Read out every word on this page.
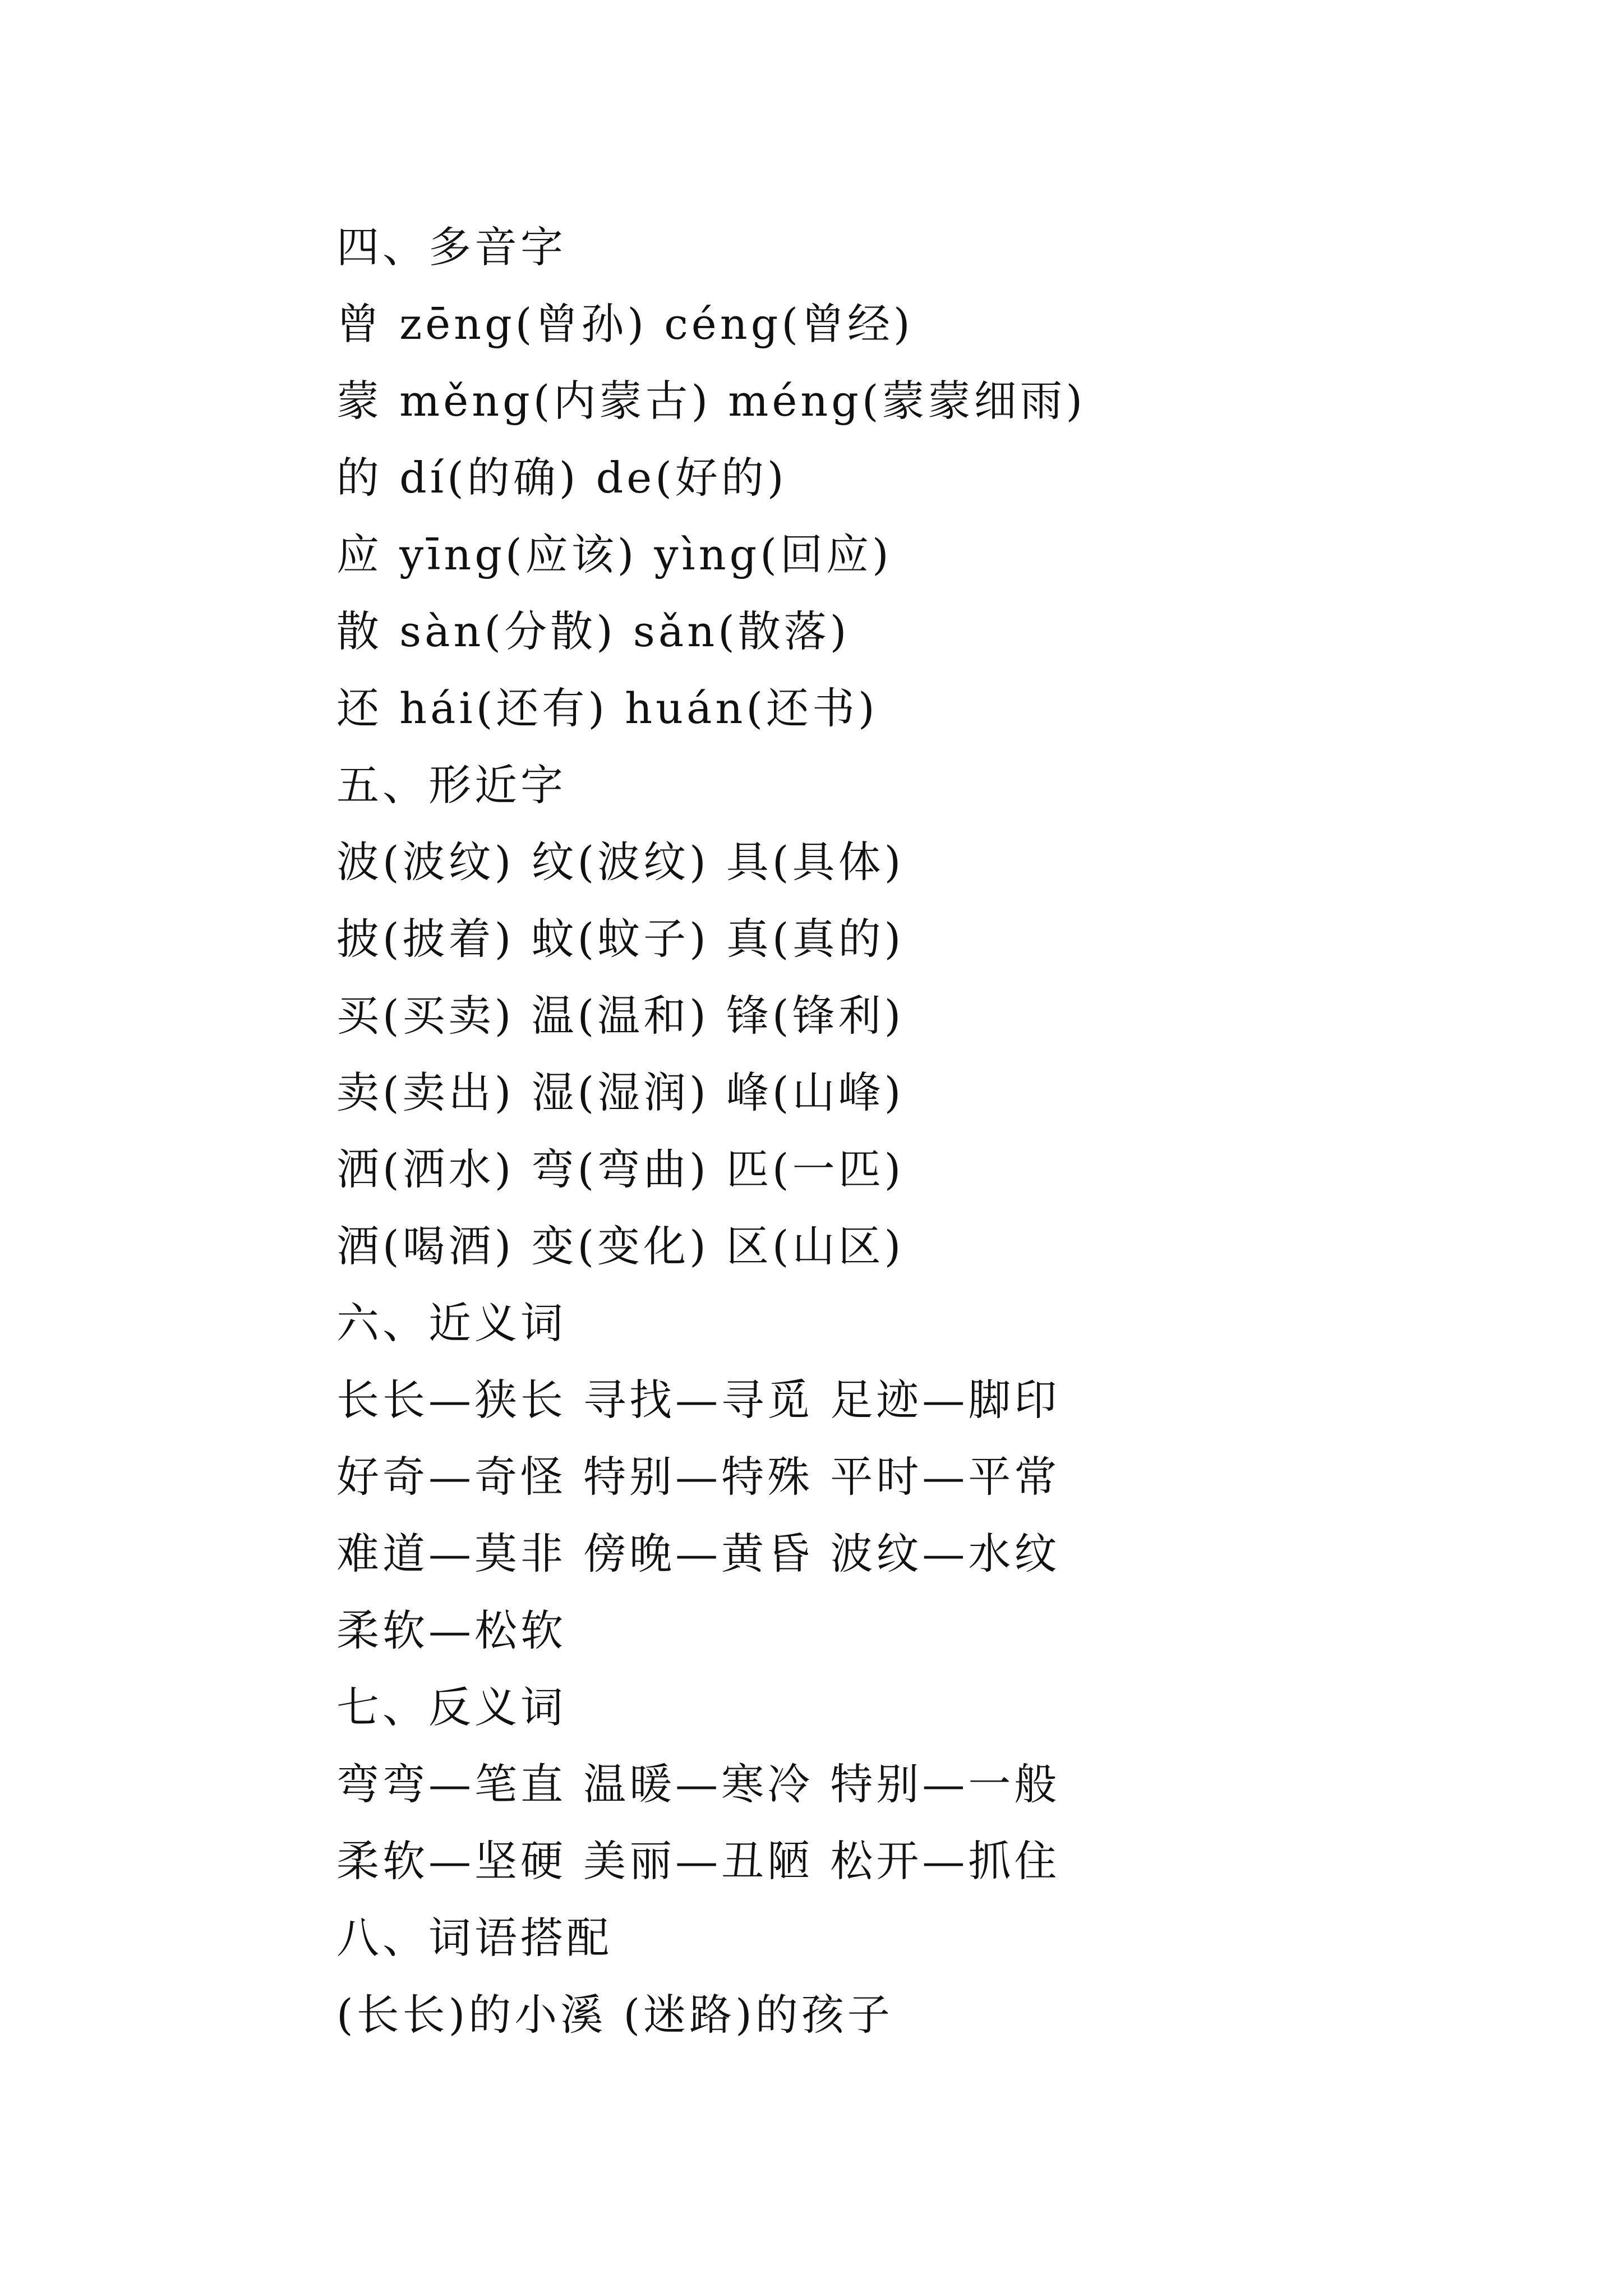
四、多音字
曾 zēng(曾孙) céng(曾经)
蒙 měng(内蒙古) méng(蒙蒙细雨)
的 dí(的确) de(好的)
应 yīng(应该) yìng(回应)
散 sàn(分散) sǎn(散落)
还 hái(还有) huán(还书)
五、形近字
波(波纹) 纹(波纹) 具(具体)
披(披着) 蚊(蚊子) 真(真的)
买(买卖) 温(温和) 锋(锋利)
卖(卖出) 湿(湿润) 峰(山峰)
洒(洒水) 弯(弯曲) 匹(一匹)
酒(喝酒) 变(变化) 区(山区)
六、近义词
长长—狭长 寻找—寻觅 足迹—脚印
好奇—奇怪 特别—特殊 平时—平常
难道—莫非 傍晚—黄昏 波纹—水纹
柔软—松软
七、反义词
弯弯—笔直 温暖—寒冷 特别—一般
柔软—坚硬 美丽—丑陋 松开—抓住
八、词语搭配
(长长)的小溪 (迷路)的孩子
